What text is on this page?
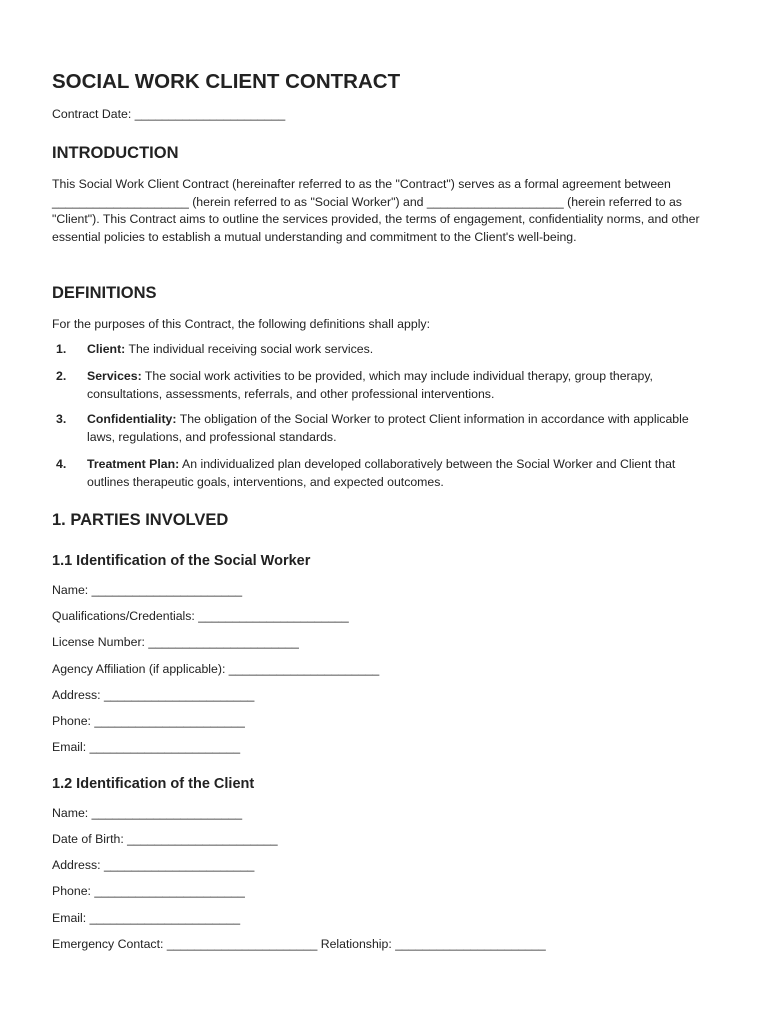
SOCIAL WORK CLIENT CONTRACT

Contract Date: ______________________

INTRODUCTION

This Social Work Client Contract (hereinafter referred to as the "Contract") serves as a formal agreement between ____________________ (herein referred to as "Social Worker") and ____________________ (herein referred to as "Client"). This Contract aims to outline the services provided, the terms of engagement, confidentiality norms, and other essential policies to establish a mutual understanding and commitment to the Client's well-being.

DEFINITIONS

For the purposes of this Contract, the following definitions shall apply:

1. Client: The individual receiving social work services.
2. Services: The social work activities to be provided, which may include individual therapy, group therapy, consultations, assessments, referrals, and other professional interventions.
3. Confidentiality: The obligation of the Social Worker to protect Client information in accordance with applicable laws, regulations, and professional standards.
4. Treatment Plan: An individualized plan developed collaboratively between the Social Worker and Client that outlines therapeutic goals, interventions, and expected outcomes.
1. PARTIES INVOLVED
1.1 Identification of the Social Worker

Name: ______________________

Qualifications/Credentials: ______________________

License Number: ______________________

Agency Affiliation (if applicable): ______________________

Address: ______________________

Phone: ______________________

Email: ______________________

1.2 Identification of the Client

Name: ______________________

Date of Birth: ______________________

Address: ______________________

Phone: ______________________

Email: ______________________

Emergency Contact: ______________________ Relationship: ______________________
